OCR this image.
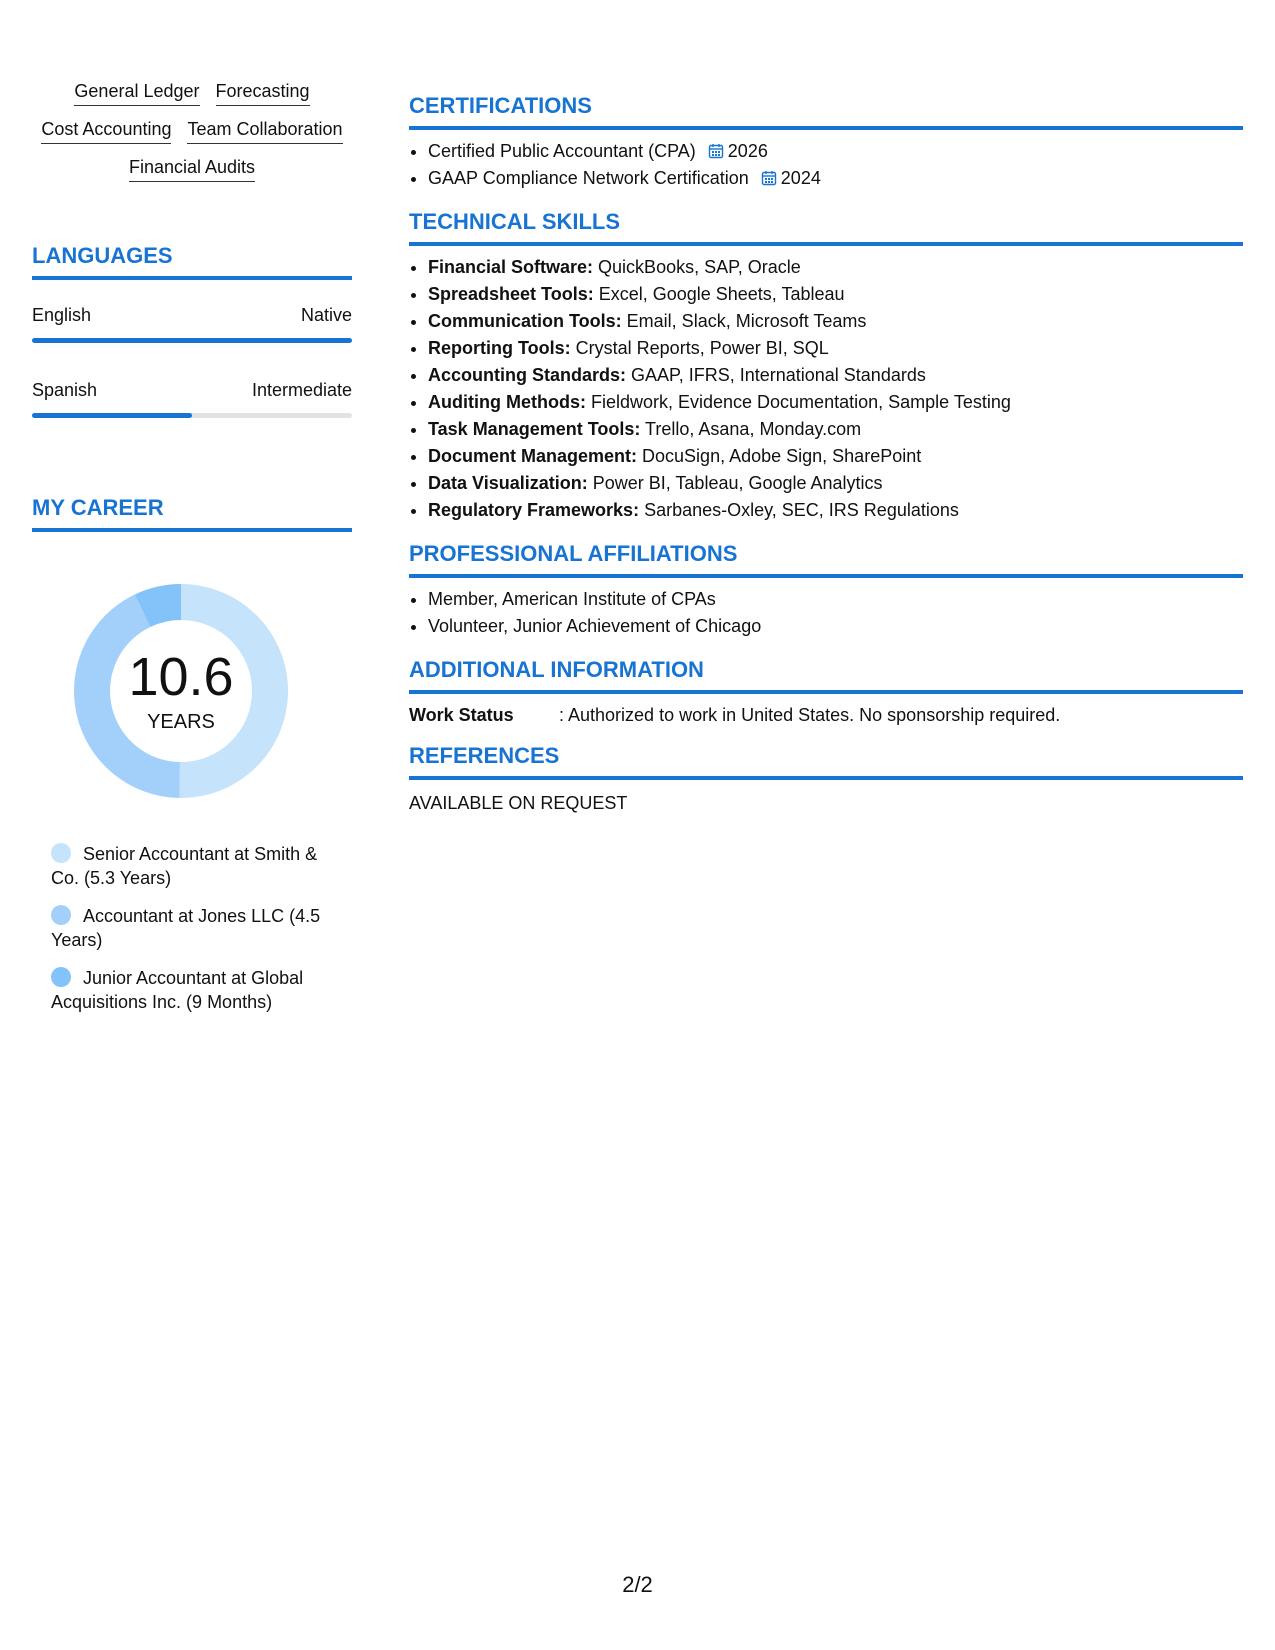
General Ledger Forecasting
Cost Accounting Team Collaboration
Financial Audits
LANGUAGES
English	Native
Spanish	Intermediate
MY CAREER
10.6
YEARS
Senior Accountant at Smith & Co. (5.3 Years)
Accountant at Jones LLC (4.5 Years)
Junior Accountant at Global Acquisitions Inc. (9 Months)
CERTIFICATIONS
• Certified Public Accountant (CPA) 2026
• GAAP Compliance Network Certification 2024
TECHNICAL SKILLS
• Financial Software: QuickBooks, SAP, Oracle
• Spreadsheet Tools: Excel, Google Sheets, Tableau
• Communication Tools: Email, Slack, Microsoft Teams
• Reporting Tools: Crystal Reports, Power BI, SQL
• Accounting Standards: GAAP, IFRS, International Standards
• Auditing Methods: Fieldwork, Evidence Documentation, Sample Testing
• Task Management Tools: Trello, Asana, Monday.com
• Document Management: DocuSign, Adobe Sign, SharePoint
• Data Visualization: Power BI, Tableau, Google Analytics
• Regulatory Frameworks: Sarbanes-Oxley, SEC, IRS Regulations
PROFESSIONAL AFFILIATIONS
• Member, American Institute of CPAs
• Volunteer, Junior Achievement of Chicago
ADDITIONAL INFORMATION
Work Status	: Authorized to work in United States. No sponsorship required.
REFERENCES
AVAILABLE ON REQUEST
2/2
